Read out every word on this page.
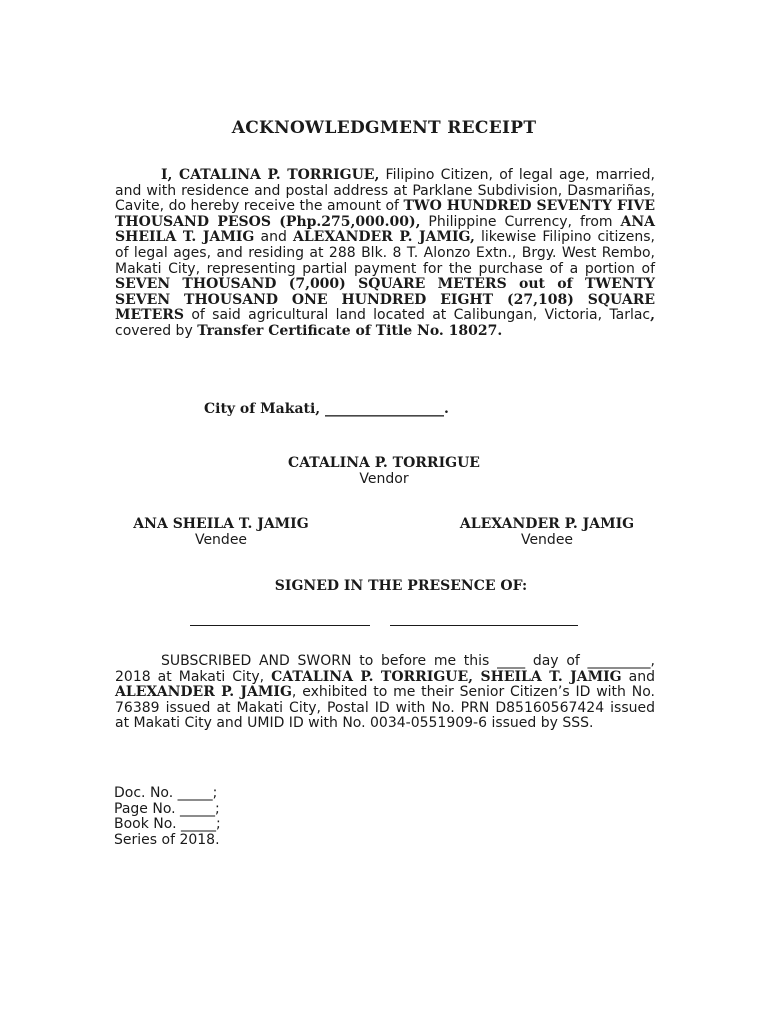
ACKNOWLEDGMENT RECEIPT
I, CATALINA P. TORRIGUE, Filipino Citizen, of legal age, married, and with residence and postal address at Parklane Subdivision, Dasmariñas, Cavite, do hereby receive the amount of TWO HUNDRED SEVENTY FIVE THOUSAND PESOS (Php.275,000.00), Philippine Currency, from ANA SHEILA T. JAMIG and ALEXANDER P. JAMIG, likewise Filipino citizens, of legal ages, and residing at 288 Blk. 8 T. Alonzo Extn., Brgy. West Rembo, Makati City, representing partial payment for the purchase of a portion of SEVEN THOUSAND (7,000) SQUARE METERS out of TWENTY SEVEN THOUSAND ONE HUNDRED EIGHT (27,108) SQUARE METERS of said agricultural land located at Calibungan, Victoria, Tarlac, covered by Transfer Certificate of Title No. 18027.
City of Makati, _________________.
CATALINA P. TORRIGUE
Vendor
ANA SHEILA T. JAMIG
Vendee
ALEXANDER P. JAMIG
Vendee
SIGNED IN THE PRESENCE OF:
SUBSCRIBED AND SWORN to before me this ____ day of _________, 2018 at Makati City, CATALINA P. TORRIGUE, SHEILA T. JAMIG and ALEXANDER P. JAMIG, exhibited to me their Senior Citizen’s ID with No. 76389 issued at Makati City, Postal ID with No. PRN D85160567424 issued at Makati City and UMID ID with No. 0034-0551909-6 issued by SSS.
Doc. No. _____;
Page No. _____;
Book No. _____;
Series of 2018.
